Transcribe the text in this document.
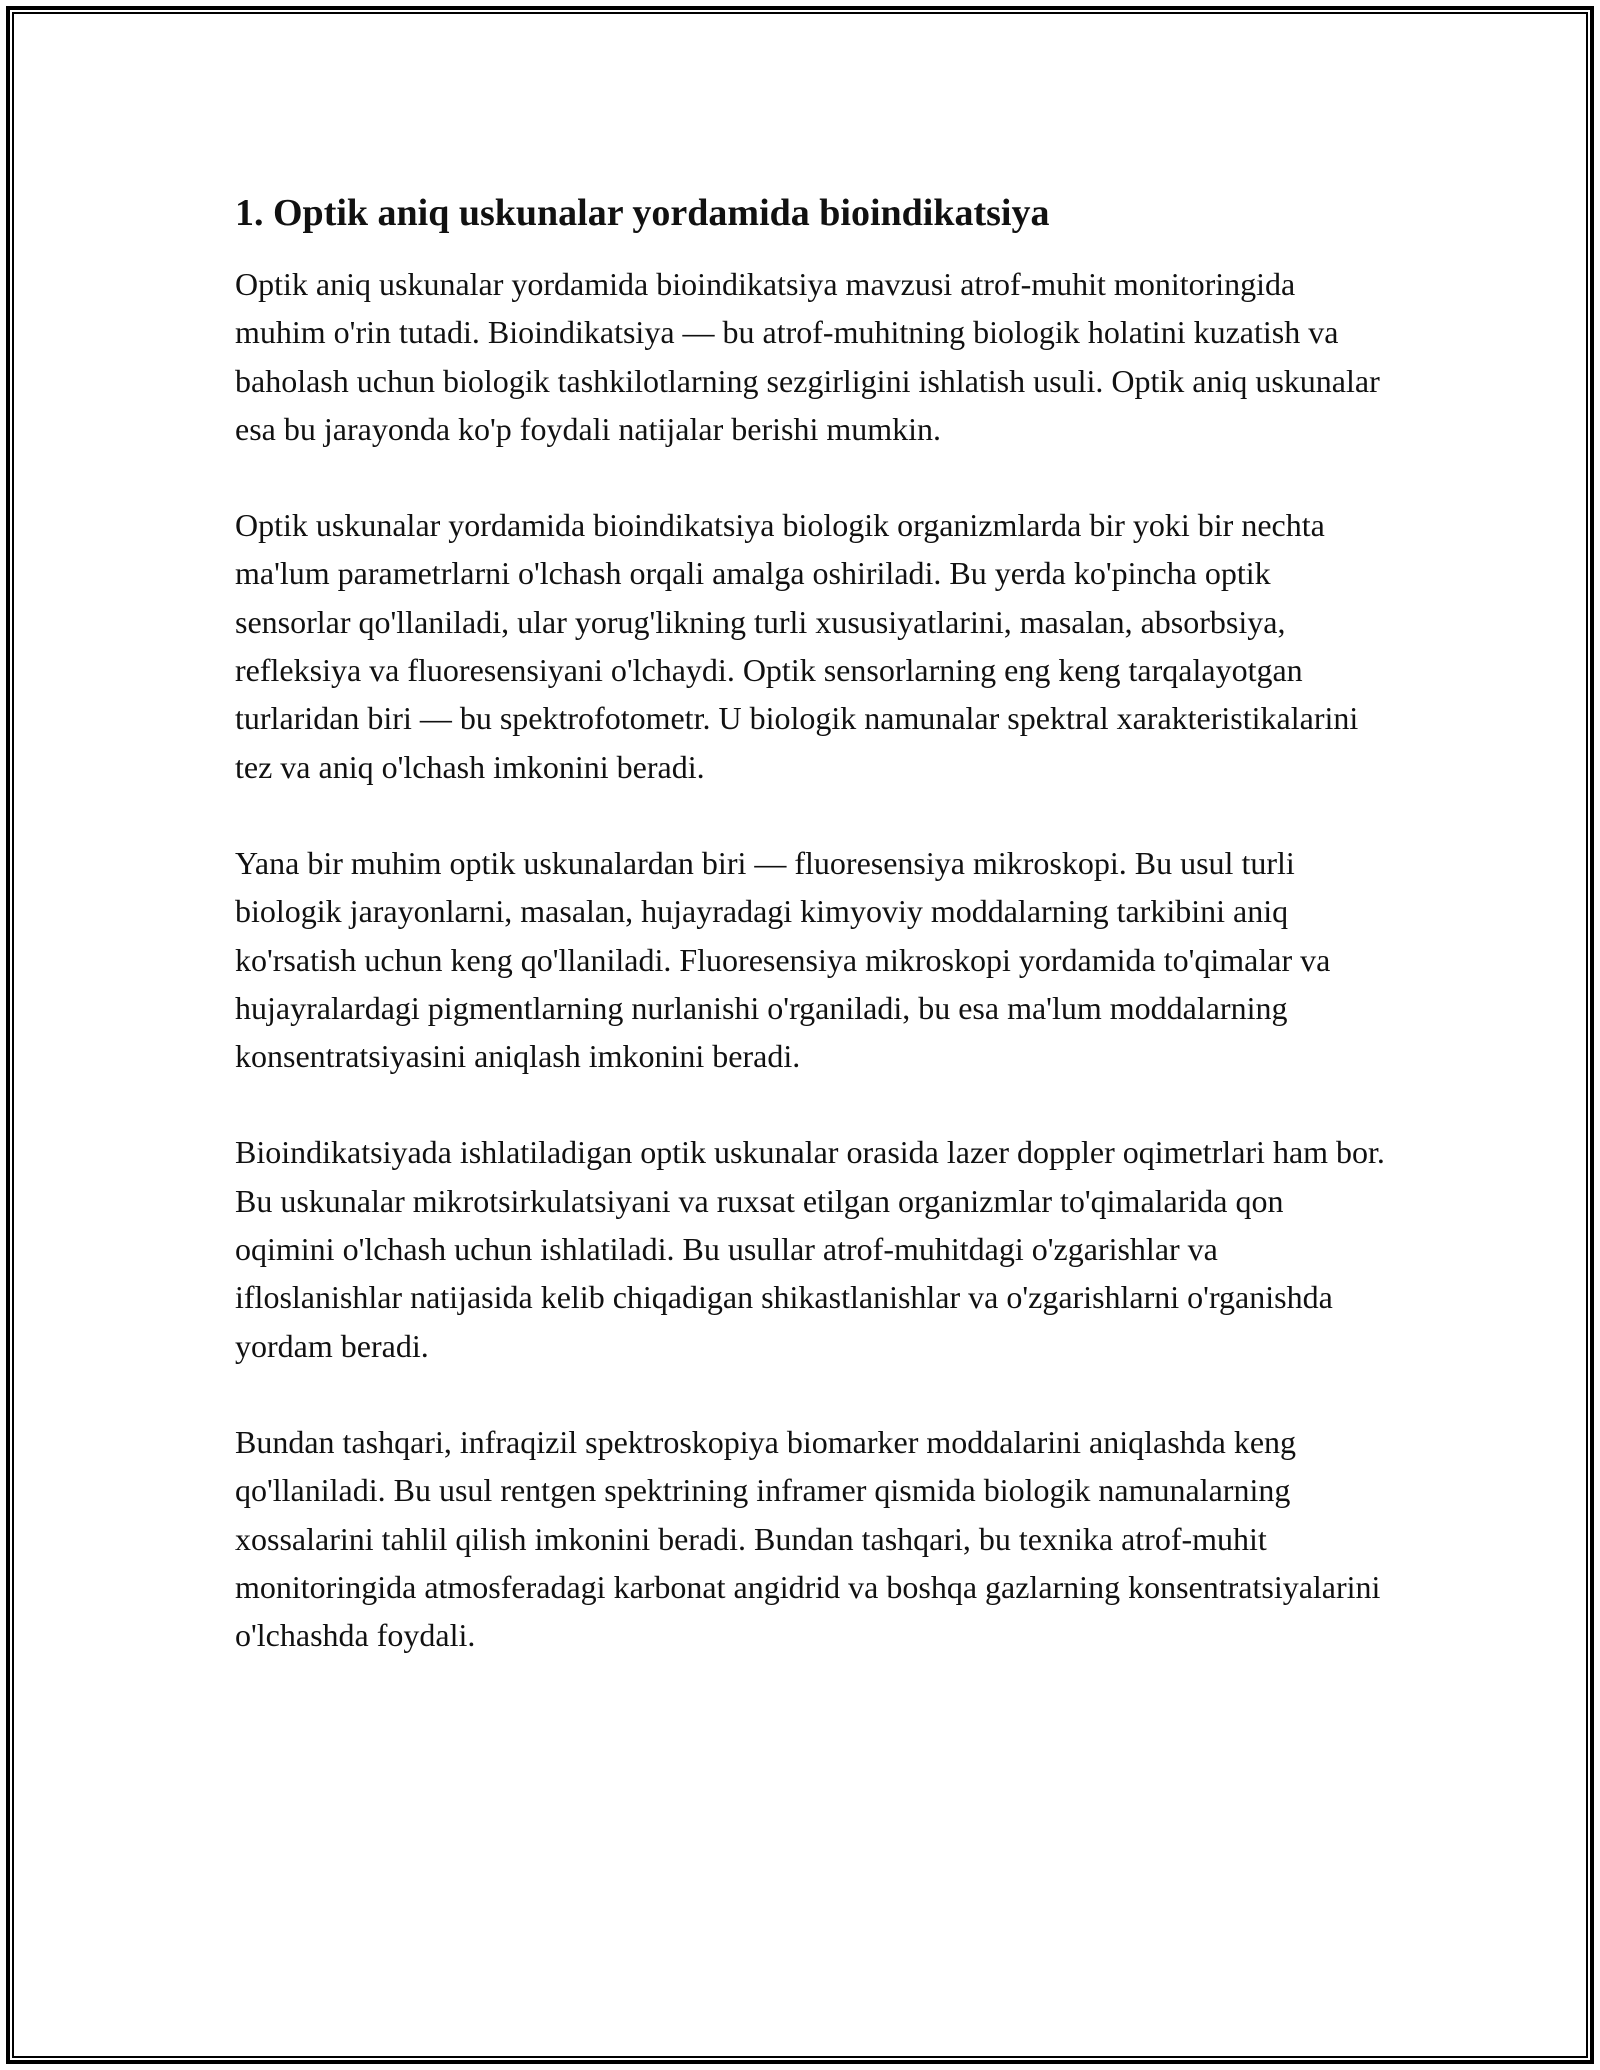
1. Optik aniq uskunalar yordamida bioindikatsiya

Optik aniq uskunalar yordamida bioindikatsiya mavzusi atrof-muhit monitoringida muhim o'rin tutadi. Bioindikatsiya — bu atrof-muhitning biologik holatini kuzatish va baholash uchun biologik tashkilotlarning sezgirligini ishlatish usuli. Optik aniq uskunalar esa bu jarayonda ko'p foydali natijalar berishi mumkin.

Optik uskunalar yordamida bioindikatsiya biologik organizmlarda bir yoki bir nechta ma'lum parametrlarni o'lchash orqali amalga oshiriladi. Bu yerda ko'pincha optik sensorlar qo'llaniladi, ular yorug'likning turli xususiyatlarini, masalan, absorbsiya, refleksiya va fluoresensiyani o'lchaydi. Optik sensorlarning eng keng tarqalayotgan turlaridan biri — bu spektrofotometr. U biologik namunalar spektral xarakteristikalarini tez va aniq o'lchash imkonini beradi.

Yana bir muhim optik uskunalardan biri — fluoresensiya mikroskopi. Bu usul turli biologik jarayonlarni, masalan, hujayradagi kimyoviy moddalarning tarkibini aniq ko'rsatish uchun keng qo'llaniladi. Fluoresensiya mikroskopi yordamida to'qimalar va hujayralardagi pigmentlarning nurlanishi o'rganiladi, bu esa ma'lum moddalarning konsentratsiyasini aniqlash imkonini beradi.

Bioindikatsiyada ishlatiladigan optik uskunalar orasida lazer doppler oqimetrlari ham bor. Bu uskunalar mikrotsirkulatsiyani va ruxsat etilgan organizmlar to'qimalarida qon oqimini o'lchash uchun ishlatiladi. Bu usullar atrof-muhitdagi o'zgarishlar va ifloslanishlar natijasida kelib chiqadigan shikastlanishlar va o'zgarishlarni o'rganishda yordam beradi.

Bundan tashqari, infraqizil spektroskopiya biomarker moddalarini aniqlashda keng qo'llaniladi. Bu usul rentgen spektrining inframer qismida biologik namunalarning xossalarini tahlil qilish imkonini beradi. Bundan tashqari, bu texnika atrof-muhit monitoringida atmosferadagi karbonat angidrid va boshqa gazlarning konsentratsiyalarini o'lchashda foydali.
